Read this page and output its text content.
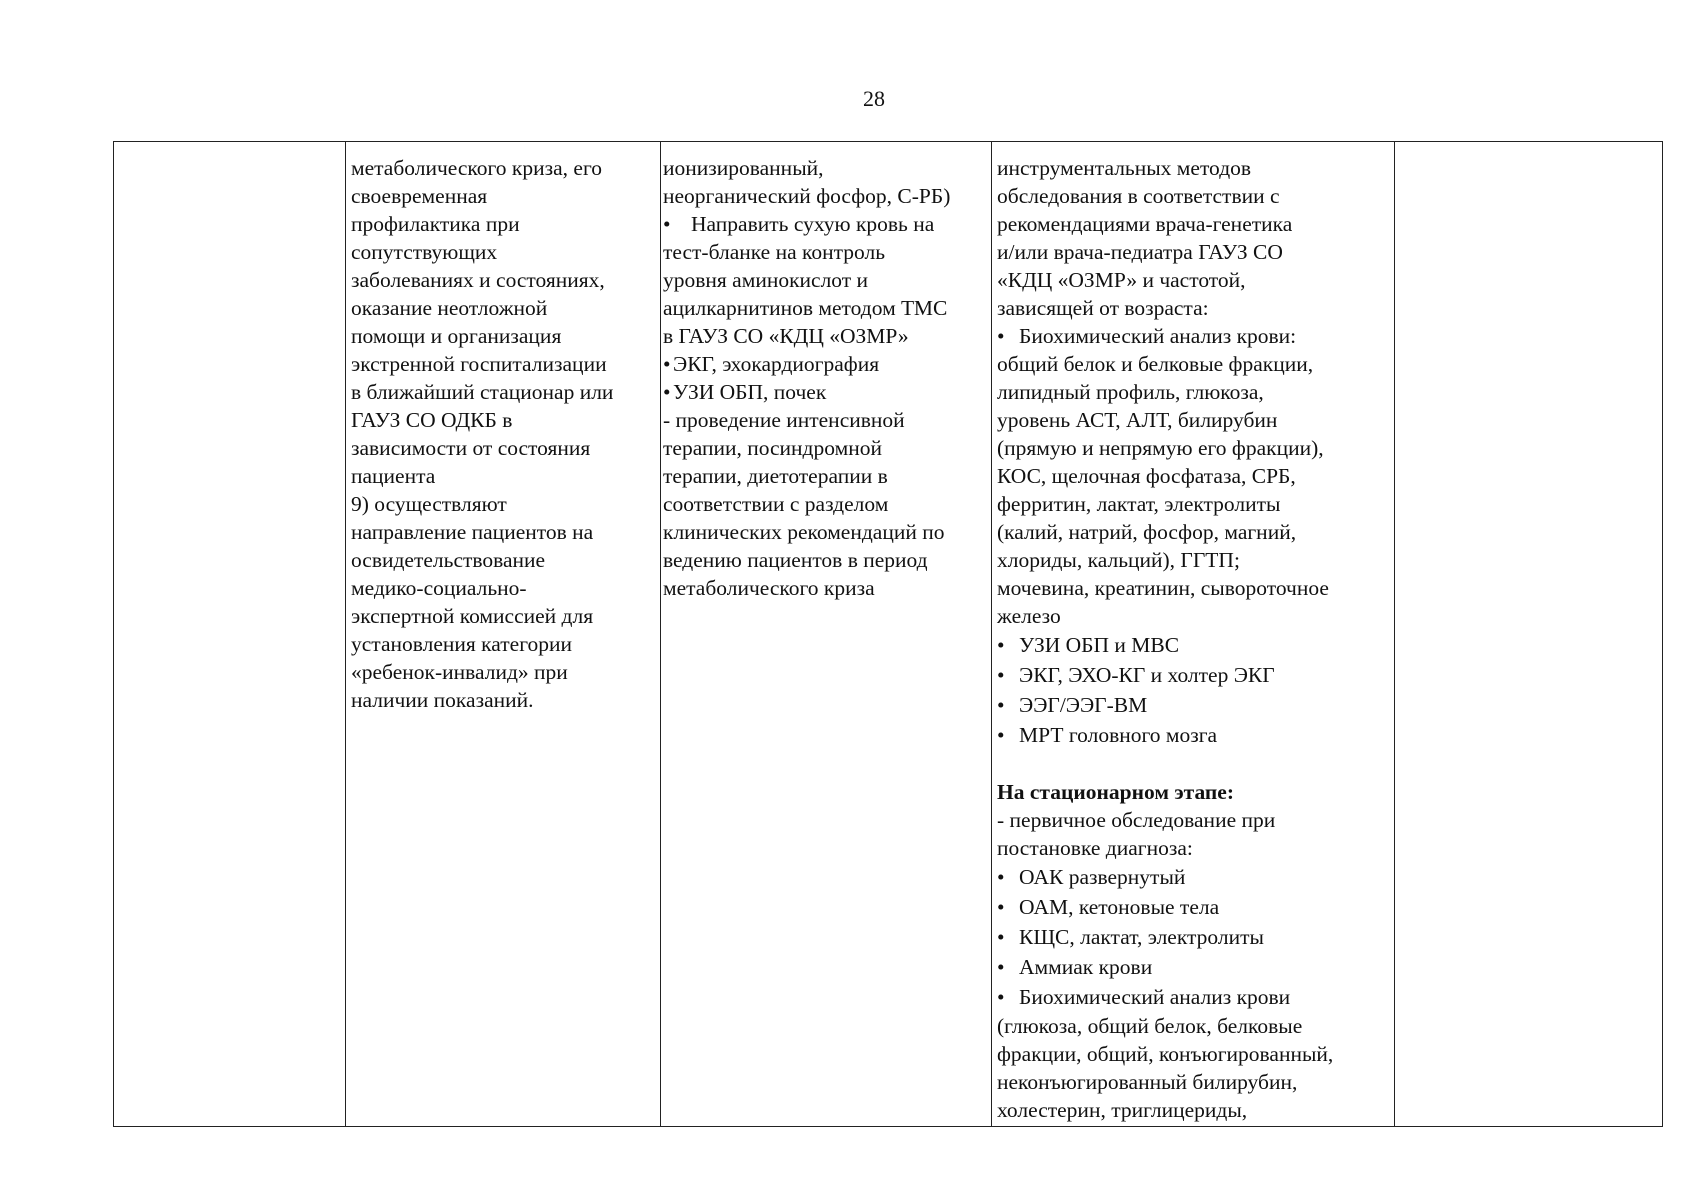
28

метаболического криза, его
своевременная
профилактика при
сопутствующих
заболеваниях и состояниях,
оказание неотложной
помощи и организация
экстренной госпитализации
в ближайший стационар или
ГАУЗ СО ОДКБ в
зависимости от состояния
пациента
9) осуществляют
направление пациентов на
освидетельствование
медико-социально-
экспертной комиссией для
установления категории
«ребенок-инвалид» при
наличии показаний.

ионизированный,
неорганический фосфор, С-РБ)
• Направить сухую кровь на
тест-бланке на контроль
уровня аминокислот и
ацилкарнитинов методом ТМС
в ГАУЗ СО «КДЦ «ОЗМР»
• ЭКГ, эхокардиография
• УЗИ ОБП, почек
- проведение интенсивной
терапии, посиндромной
терапии, диетотерапии в
соответствии с разделом
клинических рекомендаций по
ведению пациентов в период
метаболического криза

инструментальных методов
обследования в соответствии с
рекомендациями врача-генетика
и/или врача-педиатра ГАУЗ СО
«КДЦ «ОЗМР» и частотой,
зависящей от возраста:
• Биохимический анализ крови:
общий белок и белковые фракции,
липидный профиль, глюкоза,
уровень АСТ, АЛТ, билирубин
(прямую и непрямую его фракции),
КОС, щелочная фосфатаза, СРБ,
ферритин, лактат, электролиты
(калий, натрий, фосфор, магний,
хлориды, кальций), ГГТП;
мочевина, креатинин, сывороточное
железо
• УЗИ ОБП и МВС
• ЭКГ, ЭХО-КГ и холтер ЭКГ
• ЭЭГ/ЭЭГ-ВМ
• МРТ головного мозга
На стационарном этапе:
- первичное обследование при
постановке диагноза:
• ОАК развернутый
• ОАМ, кетоновые тела
• КЩС, лактат, электролиты
• Аммиак крови
• Биохимический анализ крови
(глюкоза, общий белок, белковые
фракции, общий, конъюгированный,
неконъюгированный билирубин,
холестерин, триглицериды,
